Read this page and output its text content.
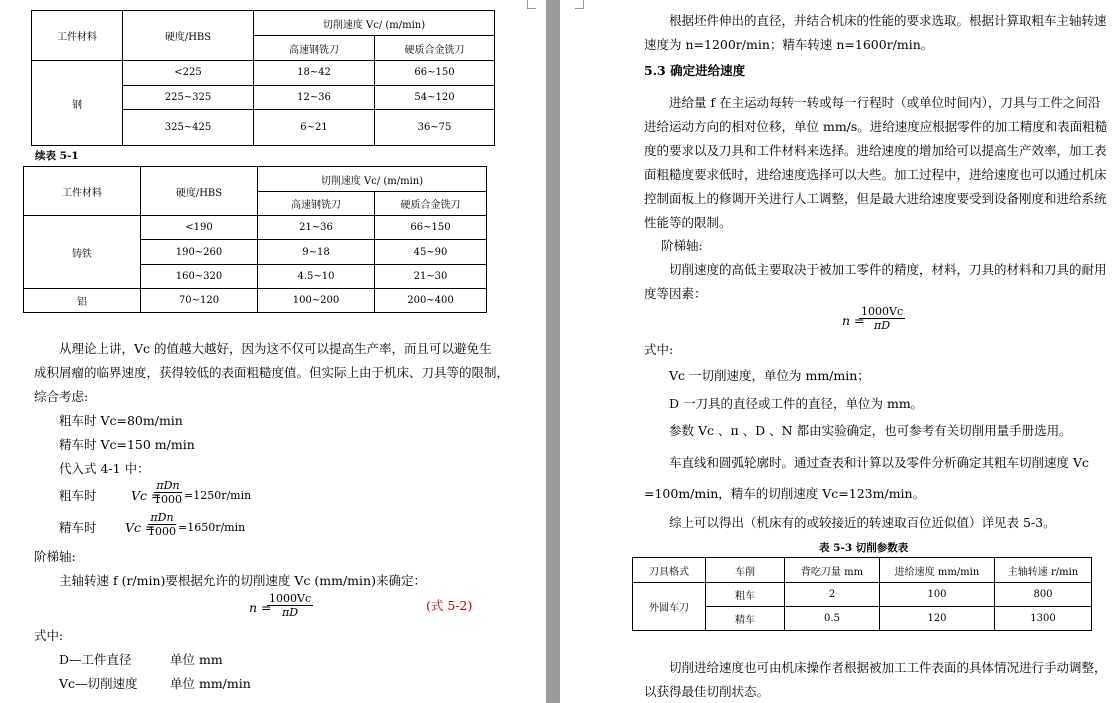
工件材料	硬度/HBS	切削速度 Vс/ (m/min)	
		高速钢铣刀	硬质合金铣刀
钢	<225	18~42	66~150
	225~325	12~36	54~120
	325~425	6~21	36~75
续表 5-1
工件材料	硬度/HBS	切削速度 Vc/ (m/min)	
		高速钢铣刀	硬质合金铣刀
铸铁	<190	21~36	66~150
	190~260	9~18	45~90
	160~320	4.5~10	21~30
铝	70~120	100~200	200~400
从理论上讲，Vc 的值越大越好，因为这不仅可以提高生产率，而且可以避免生
成积屑瘤的临界速度，获得较低的表面粗糙度值。但实际上由于机床、刀具等的限制，
综合考虑:
粗车时 Vc=80m/min
精车时 Vc=150 m/min
代入式 4-1 中：
粗车时	Vc =
πDn
1000 =1250r/min
精车时 Vc =
πDn
1000 =1650r/min
阶梯轴:
主轴转速 f (r/min)要根据允许的切削速度 Vc (mm/min)来确定：
n =
$\frac{1000Vc}{\pi D}$	(式 5-2)
式中:
D—工件直径	单位 mm
Vc—切削速度	单位 mm/min
根据坯件伸出的直径，并结合机床的性能的要求选取。根据计算取粗车主轴转速
速度为 n=1200r/min；精车转速 n=1600r/min。
5.3 确定进给速度
进给量 f 在主运动每转一转或每一行程时（或单位时间内），刀具与工件之间沿
进给运动方向的相对位移，单位 mm/s。进给速度应根据零件的加工精度和表面粗糙
度的要求以及刀具和工件材料来选择。进给速度的增加给可以提高生产效率，加工表
面粗糙度要求低时，进给速度选择可以大些。加工过程中，进给速度也可以通过机床
控制面板上的修调开关进行人工调整，但是最大进给速度要受到设备刚度和进给系统
性能等的限制。
阶梯轴:
切削速度的高低主要取决于被加工零件的精度，材料，刀具的材料和刀具的耐用
度等因素：
n =
$\frac{1000Vc}{\pi D}$
式中:
Vc 一切削速度，单位为 mm/min；
D 一刀具的直径或工件的直径，单位为 mm。
参数 Vc 、π 、D 、N 都由实验确定，也可参考有关切削用量手册选用。
车直线和圆弧轮廓时。通过查表和计算以及零件分析确定其粗车切削速度 Vc
=100m/min，精车的切削速度 Vc=123m/min。
综上可以得出（机床有的或较接近的转速取百位近似值）详见表 5-3。
表 5-3 切削参数表
刀具格式	车削	背吃刀量 mm	进给速度 mm/min	主轴转速 r/min
外圆车刀	粗车	2	100	800
	精车	0.5	120	1300
切削进给速度也可由机床操作者根据被加工工件表面的具体情况进行手动调整，
以获得最佳切削状态。
